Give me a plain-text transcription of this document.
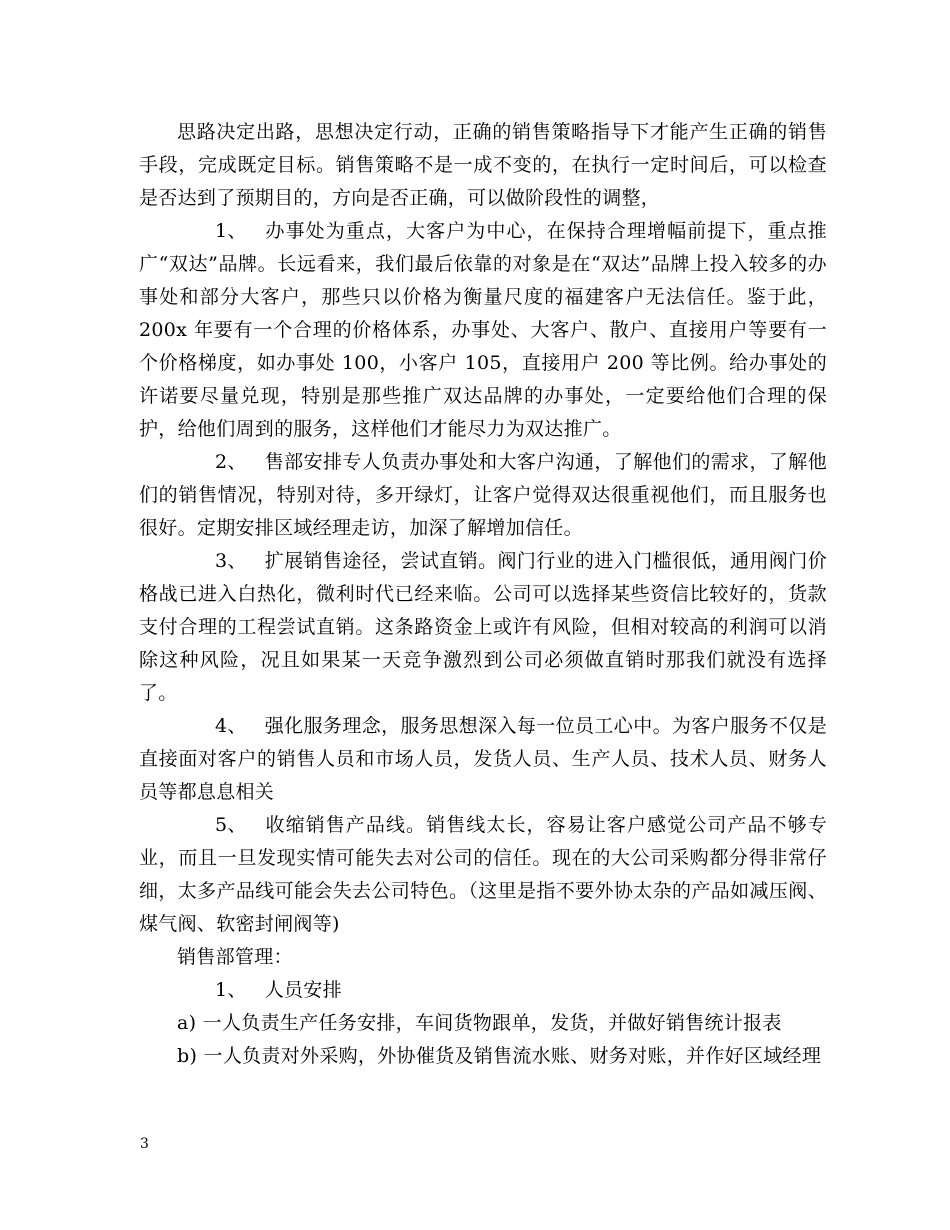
思路决定出路，思想决定行动，正确的销售策略指导下才能产生正确的销售手段，完成既定目标。销售策略不是一成不变的，在执行一定时间后，可以检查是否达到了预期目的，方向是否正确，可以做阶段性的调整，

1、 办事处为重点，大客户为中心，在保持合理增幅前提下，重点推广“双达”品牌。长远看来，我们最后依靠的对象是在“双达”品牌上投入较多的办事处和部分大客户，那些只以价格为衡量尺度的福建客户无法信任。鉴于此，200x 年要有一个合理的价格体系，办事处、大客户、散户、直接用户等要有一个价格梯度，如办事处 100，小客户 105，直接用户 200 等比例。给办事处的许诺要尽量兑现，特别是那些推广双达品牌的办事处，一定要给他们合理的保护，给他们周到的服务，这样他们才能尽力为双达推广。

2、 售部安排专人负责办事处和大客户沟通，了解他们的需求，了解他们的销售情况，特别对待，多开绿灯，让客户觉得双达很重视他们，而且服务也很好。定期安排区域经理走访，加深了解增加信任。

3、 扩展销售途径，尝试直销。阀门行业的进入门槛很低，通用阀门价格战已进入白热化，微利时代已经来临。公司可以选择某些资信比较好的，货款支付合理的工程尝试直销。这条路资金上或许有风险，但相对较高的利润可以消除这种风险，况且如果某一天竞争激烈到公司必须做直销时那我们就没有选择了。

4、 强化服务理念，服务思想深入每一位员工心中。为客户服务不仅是直接面对客户的销售人员和市场人员，发货人员、生产人员、技术人员、财务人员等都息息相关

5、 收缩销售产品线。销售线太长，容易让客户感觉公司产品不够专业，而且一旦发现实情可能失去对公司的信任。现在的大公司采购都分得非常仔细，太多产品线可能会失去公司特色。（这里是指不要外协太杂的产品如减压阀、煤气阀、软密封闸阀等)

销售部管理：

1、 人员安排

a) 一人负责生产任务安排，车间货物跟单，发货，并做好销售统计报表

b) 一人负责对外采购，外协催货及销售流水账、财务对账，并作好区域经理

3
